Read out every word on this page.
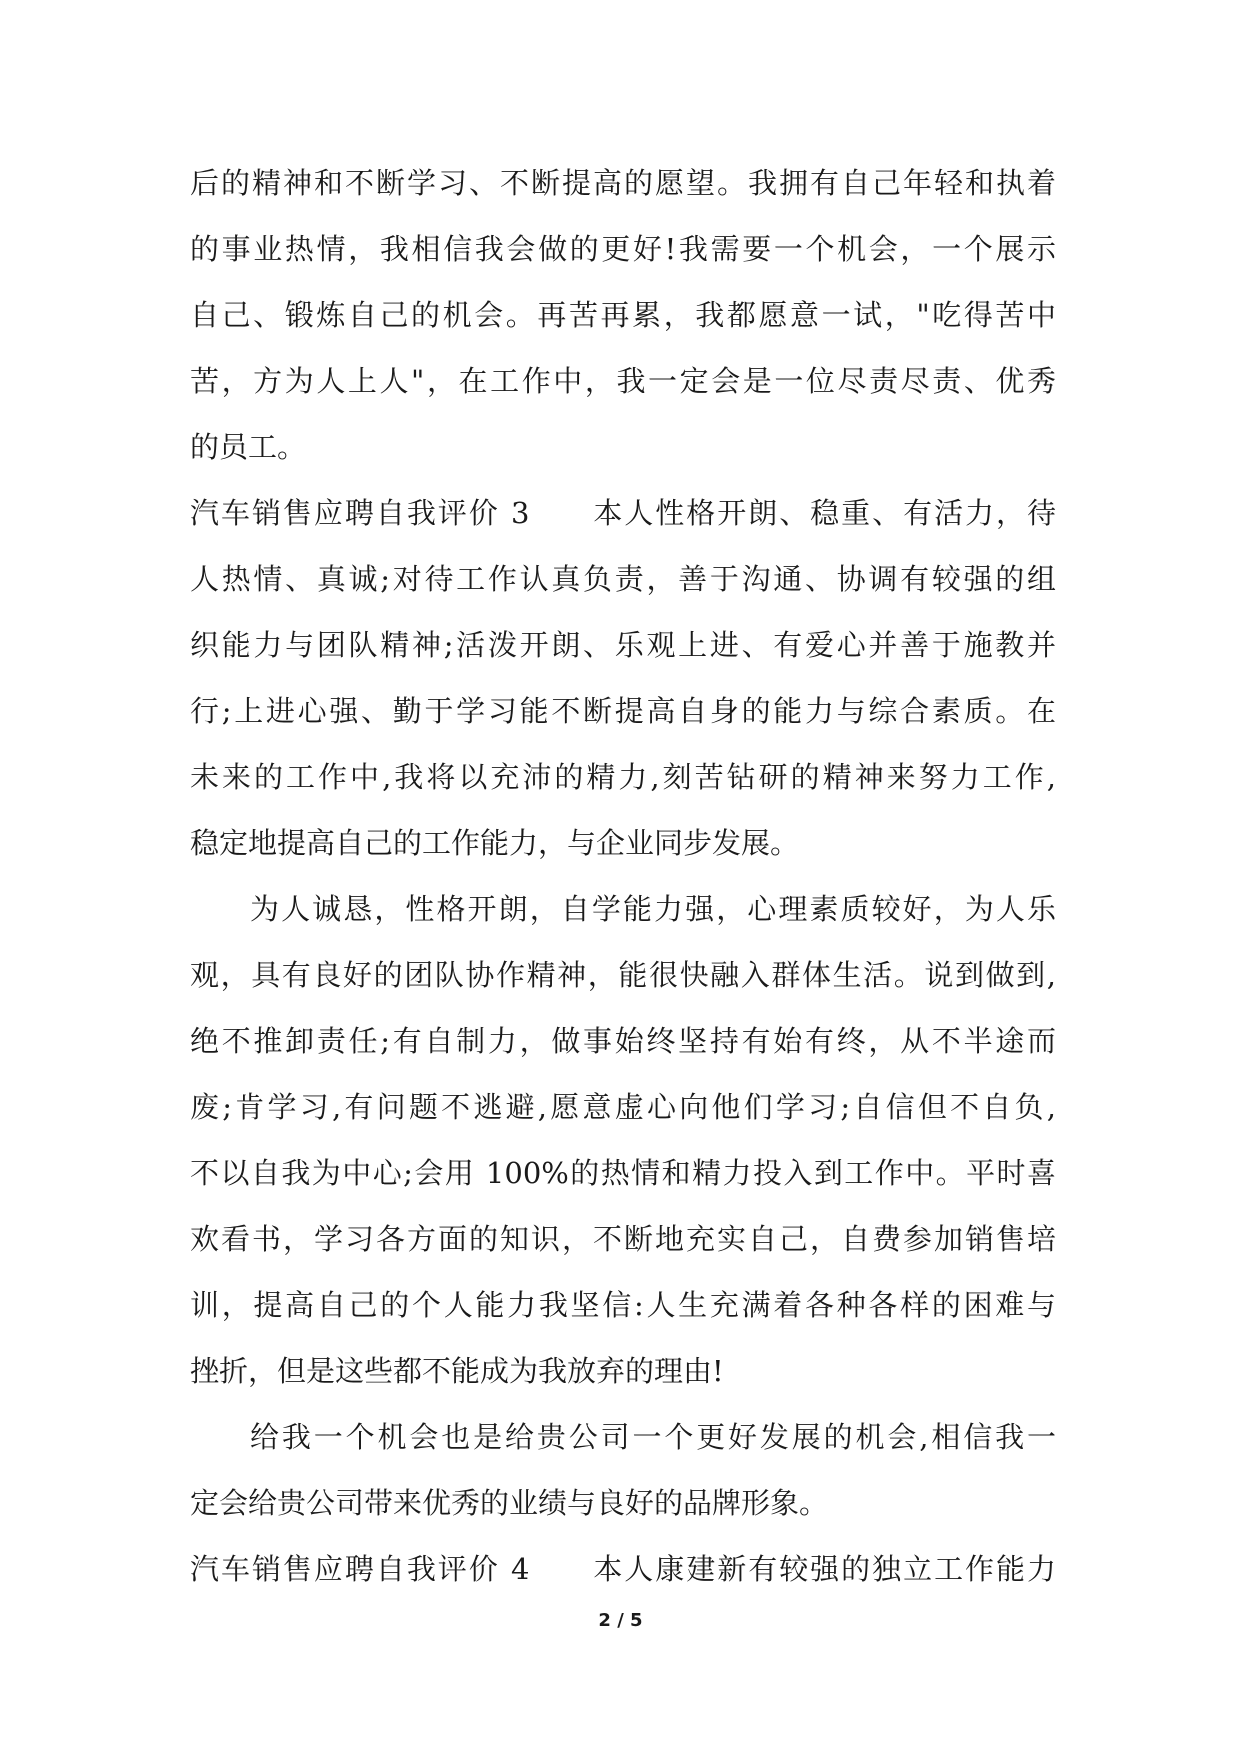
后的精神和不断学习、不断提高的愿望。我拥有自己年轻和执着
的事业热情，我相信我会做的更好!我需要一个机会，一个展示
自己、锻炼自己的机会。再苦再累，我都愿意一试，"吃得苦中
苦，方为人上人"，在工作中，我一定会是一位尽责尽责、优秀
的员工。
汽车销售应聘自我评价 3　　本人性格开朗、稳重、有活力，待
人热情、真诚;对待工作认真负责，善于沟通、协调有较强的组
织能力与团队精神;活泼开朗、乐观上进、有爱心并善于施教并
行;上进心强、勤于学习能不断提高自身的能力与综合素质。在
未来的工作中,我将以充沛的精力,刻苦钻研的精神来努力工作,
稳定地提高自己的工作能力，与企业同步发展。
为人诚恳，性格开朗，自学能力强，心理素质较好，为人乐
观，具有良好的团队协作精神，能很快融入群体生活。说到做到,
绝不推卸责任;有自制力，做事始终坚持有始有终，从不半途而
废;肯学习,有问题不逃避,愿意虚心向他们学习;自信但不自负,
不以自我为中心;会用 100%的热情和精力投入到工作中。平时喜
欢看书，学习各方面的知识，不断地充实自己，自费参加销售培
训，提高自己的个人能力我坚信:人生充满着各种各样的困难与
挫折，但是这些都不能成为我放弃的理由!
给我一个机会也是给贵公司一个更好发展的机会,相信我一
定会给贵公司带来优秀的业绩与良好的品牌形象。
汽车销售应聘自我评价 4　　本人康建新有较强的独立工作能力
2 / 5
